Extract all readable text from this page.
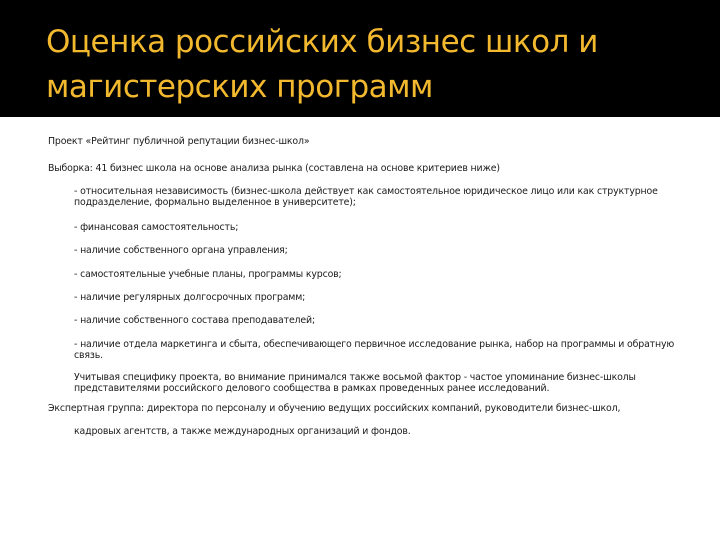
Оценка российских бизнес школ и магистерских программ

Проект «Рейтинг публичной репутации бизнес-школ»

Выборка: 41 бизнес школа на основе анализа рынка (составлена на основе критериев ниже)

- относительная независимость (бизнес-школа действует как самостоятельное юридическое лицо или как структурное подразделение, формально выделенное в университете);

- финансовая самостоятельность;

- наличие собственного органа управления;

- самостоятельные учебные планы, программы курсов;

- наличие регулярных долгосрочных программ;

- наличие собственного состава преподавателей;

- наличие отдела маркетинга и сбыта, обеспечивающего первичное исследование рынка, набор на программы и обратную связь.

Учитывая специфику проекта, во внимание принимался также восьмой фактор - частое упоминание бизнес-школы представителями российского делового сообщества в рамках проведенных ранее исследований.

Экспертная группа: директора по персоналу и обучению ведущих российских компаний, руководители бизнес-школ,

кадровых агентств, а также международных организаций и фондов.
